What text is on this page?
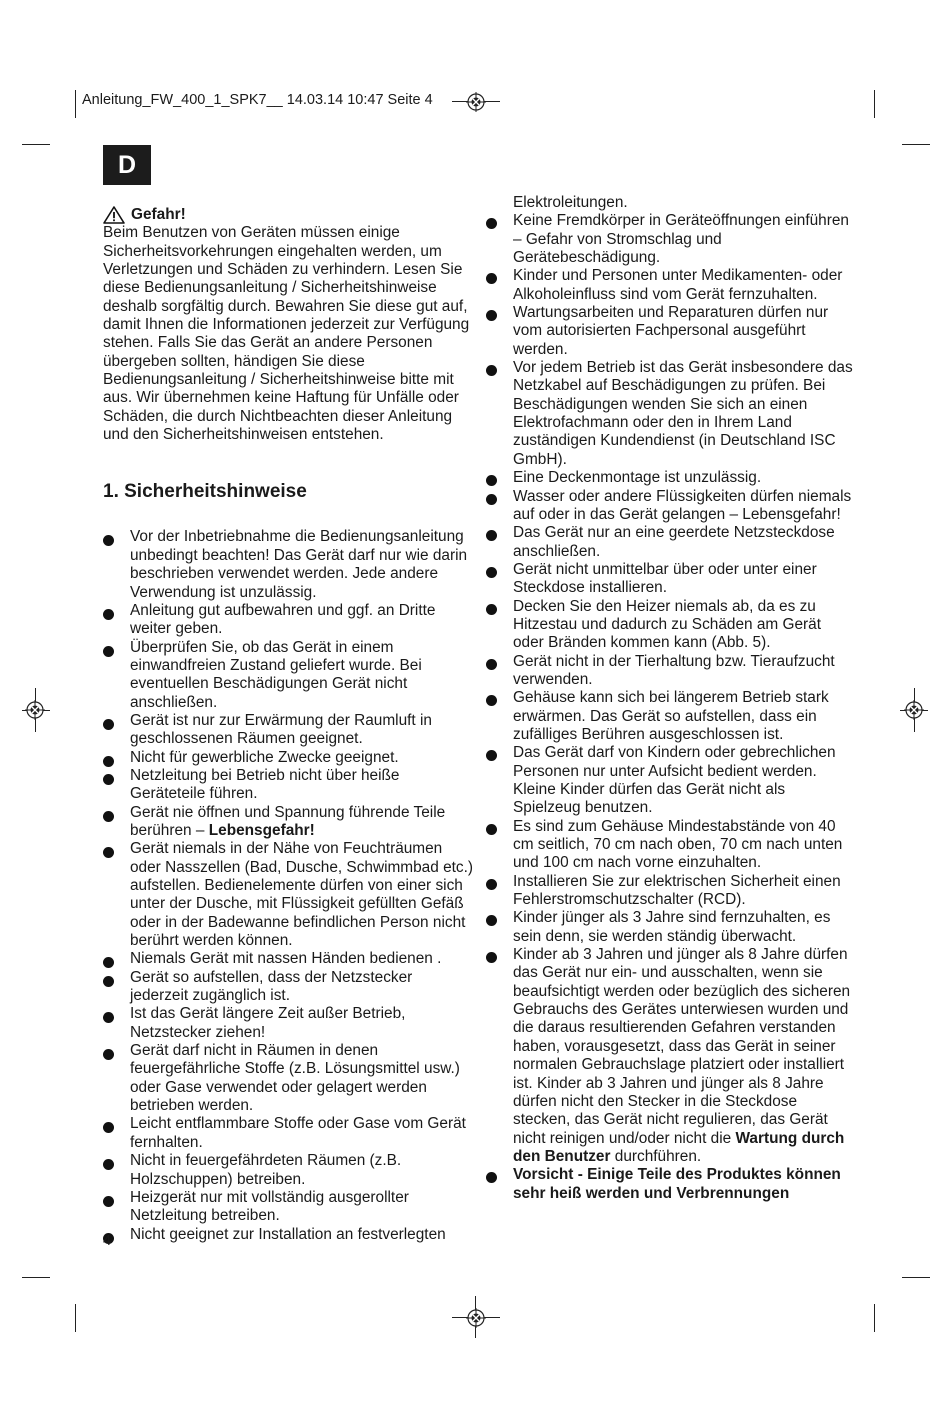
Anleitung_FW_400_1_SPK7__ 14.03.14 10:47 Seite 4
D
Gefahr!

Beim Benutzen von Geräten müssen einige Sicherheitsvorkehrungen eingehalten werden, um Verletzungen und Schäden zu verhindern. Lesen Sie diese Bedienungsanleitung / Sicherheitshinweise deshalb sorgfältig durch. Bewahren Sie diese gut auf, damit Ihnen die Informationen jederzeit zur Verfügung stehen. Falls Sie das Gerät an andere Personen übergeben sollten, händigen Sie diese Bedienungsanleitung / Sicherheitshinweise bitte mit aus. Wir übernehmen keine Haftung für Unfälle oder Schäden, die durch Nichtbeachten dieser Anleitung und den Sicherheitshinweisen entstehen.

1. Sicherheitshinweise
Vor der Inbetriebnahme die Bedienungsanleitung unbedingt beachten! Das Gerät darf nur wie darin beschrieben verwendet werden. Jede andere Verwendung ist unzulässig.
Anleitung gut aufbewahren und ggf. an Dritte weiter geben.
Überprüfen Sie, ob das Gerät in einem einwandfreien Zustand geliefert wurde. Bei eventuellen Beschädigungen Gerät nicht anschließen.
Gerät ist nur zur Erwärmung der Raumluft in geschlossenen Räumen geeignet.
Nicht für gewerbliche Zwecke geeignet.
Netzleitung bei Betrieb nicht über heiße Geräteteile führen.
Gerät nie öffnen und Spannung führende Teile berühren – Lebensgefahr!
Gerät niemals in der Nähe von Feuchträumen oder Nasszellen (Bad, Dusche, Schwimmbad etc.) aufstellen. Bedienelemente dürfen von einer sich unter der Dusche, mit Flüssigkeit gefüllten Gefäß oder in der Badewanne befindlichen Person nicht berührt werden können.
Niemals Gerät mit nassen Händen bedienen .
Gerät so aufstellen, dass der Netzstecker jederzeit zugänglich ist.
Ist das Gerät längere Zeit außer Betrieb, Netzstecker ziehen!
Gerät darf nicht in Räumen in denen feuergefährliche Stoffe (z.B. Lösungsmittel usw.) oder Gase verwendet oder gelagert werden betrieben werden.
Leicht entflammbare Stoffe oder Gase vom Gerät fernhalten.
Nicht in feuergefährdeten Räumen (z.B. Holzschuppen) betreiben.
Heizgerät nur mit vollständig ausgerollter Netzleitung betreiben.
Nicht geeignet zur Installation an festverlegten
Elektroleitungen.
Keine Fremdkörper in Geräteöffnungen einführen – Gefahr von Stromschlag und Gerätebeschädigung.
Kinder und Personen unter Medikamenten- oder Alkoholeinfluss sind vom Gerät fernzuhalten.
Wartungsarbeiten und Reparaturen dürfen nur vom autorisierten Fachpersonal ausgeführt werden.
Vor jedem Betrieb ist das Gerät insbesondere das Netzkabel auf Beschädigungen zu prüfen. Bei Beschädigungen wenden Sie sich an einen Elektrofachmann oder den in Ihrem Land zuständigen Kundendienst (in Deutschland ISC GmbH).
Eine Deckenmontage ist unzulässig.
Wasser oder andere Flüssigkeiten dürfen niemals auf oder in das Gerät gelangen – Lebensgefahr!
Das Gerät nur an eine geerdete Netzsteckdose anschließen.
Gerät nicht unmittelbar über oder unter einer Steckdose installieren.
Decken Sie den Heizer niemals ab, da es zu Hitzestau und dadurch zu Schäden am Gerät oder Bränden kommen kann (Abb. 5).
Gerät nicht in der Tierhaltung bzw. Tieraufzucht verwenden.
Gehäuse kann sich bei längerem Betrieb stark erwärmen. Das Gerät so aufstellen, dass ein zufälliges Berühren ausgeschlossen ist.
Das Gerät darf von Kindern oder gebrechlichen Personen nur unter Aufsicht bedient werden. Kleine Kinder dürfen das Gerät nicht als Spielzeug benutzen.
Es sind zum Gehäuse Mindestabstände von 40 cm seitlich, 70 cm nach oben, 70 cm nach unten und 100 cm nach vorne einzuhalten.
Installieren Sie zur elektrischen Sicherheit einen Fehlerstromschutzschalter (RCD).
Kinder jünger als 3 Jahre sind fernzuhalten, es sein denn, sie werden ständig überwacht.
Kinder ab 3 Jahren und jünger als 8 Jahre dürfen das Gerät nur ein- und ausschalten, wenn sie beaufsichtigt werden oder bezüglich des sicheren Gebrauchs des Gerätes unterwiesen wurden und die daraus resultierenden Gefahren verstanden haben, vorausgesetzt, dass das Gerät in seiner normalen Gebrauchslage platziert oder installiert ist. Kinder ab 3 Jahren und jünger als 8 Jahre dürfen nicht den Stecker in die Steckdose stecken, das Gerät nicht regulieren, das Gerät nicht reinigen und/oder nicht die Wartung durch den Benutzer durchführen.
Vorsicht - Einige Teile des Produktes können sehr heiß werden und Verbrennungen
4
